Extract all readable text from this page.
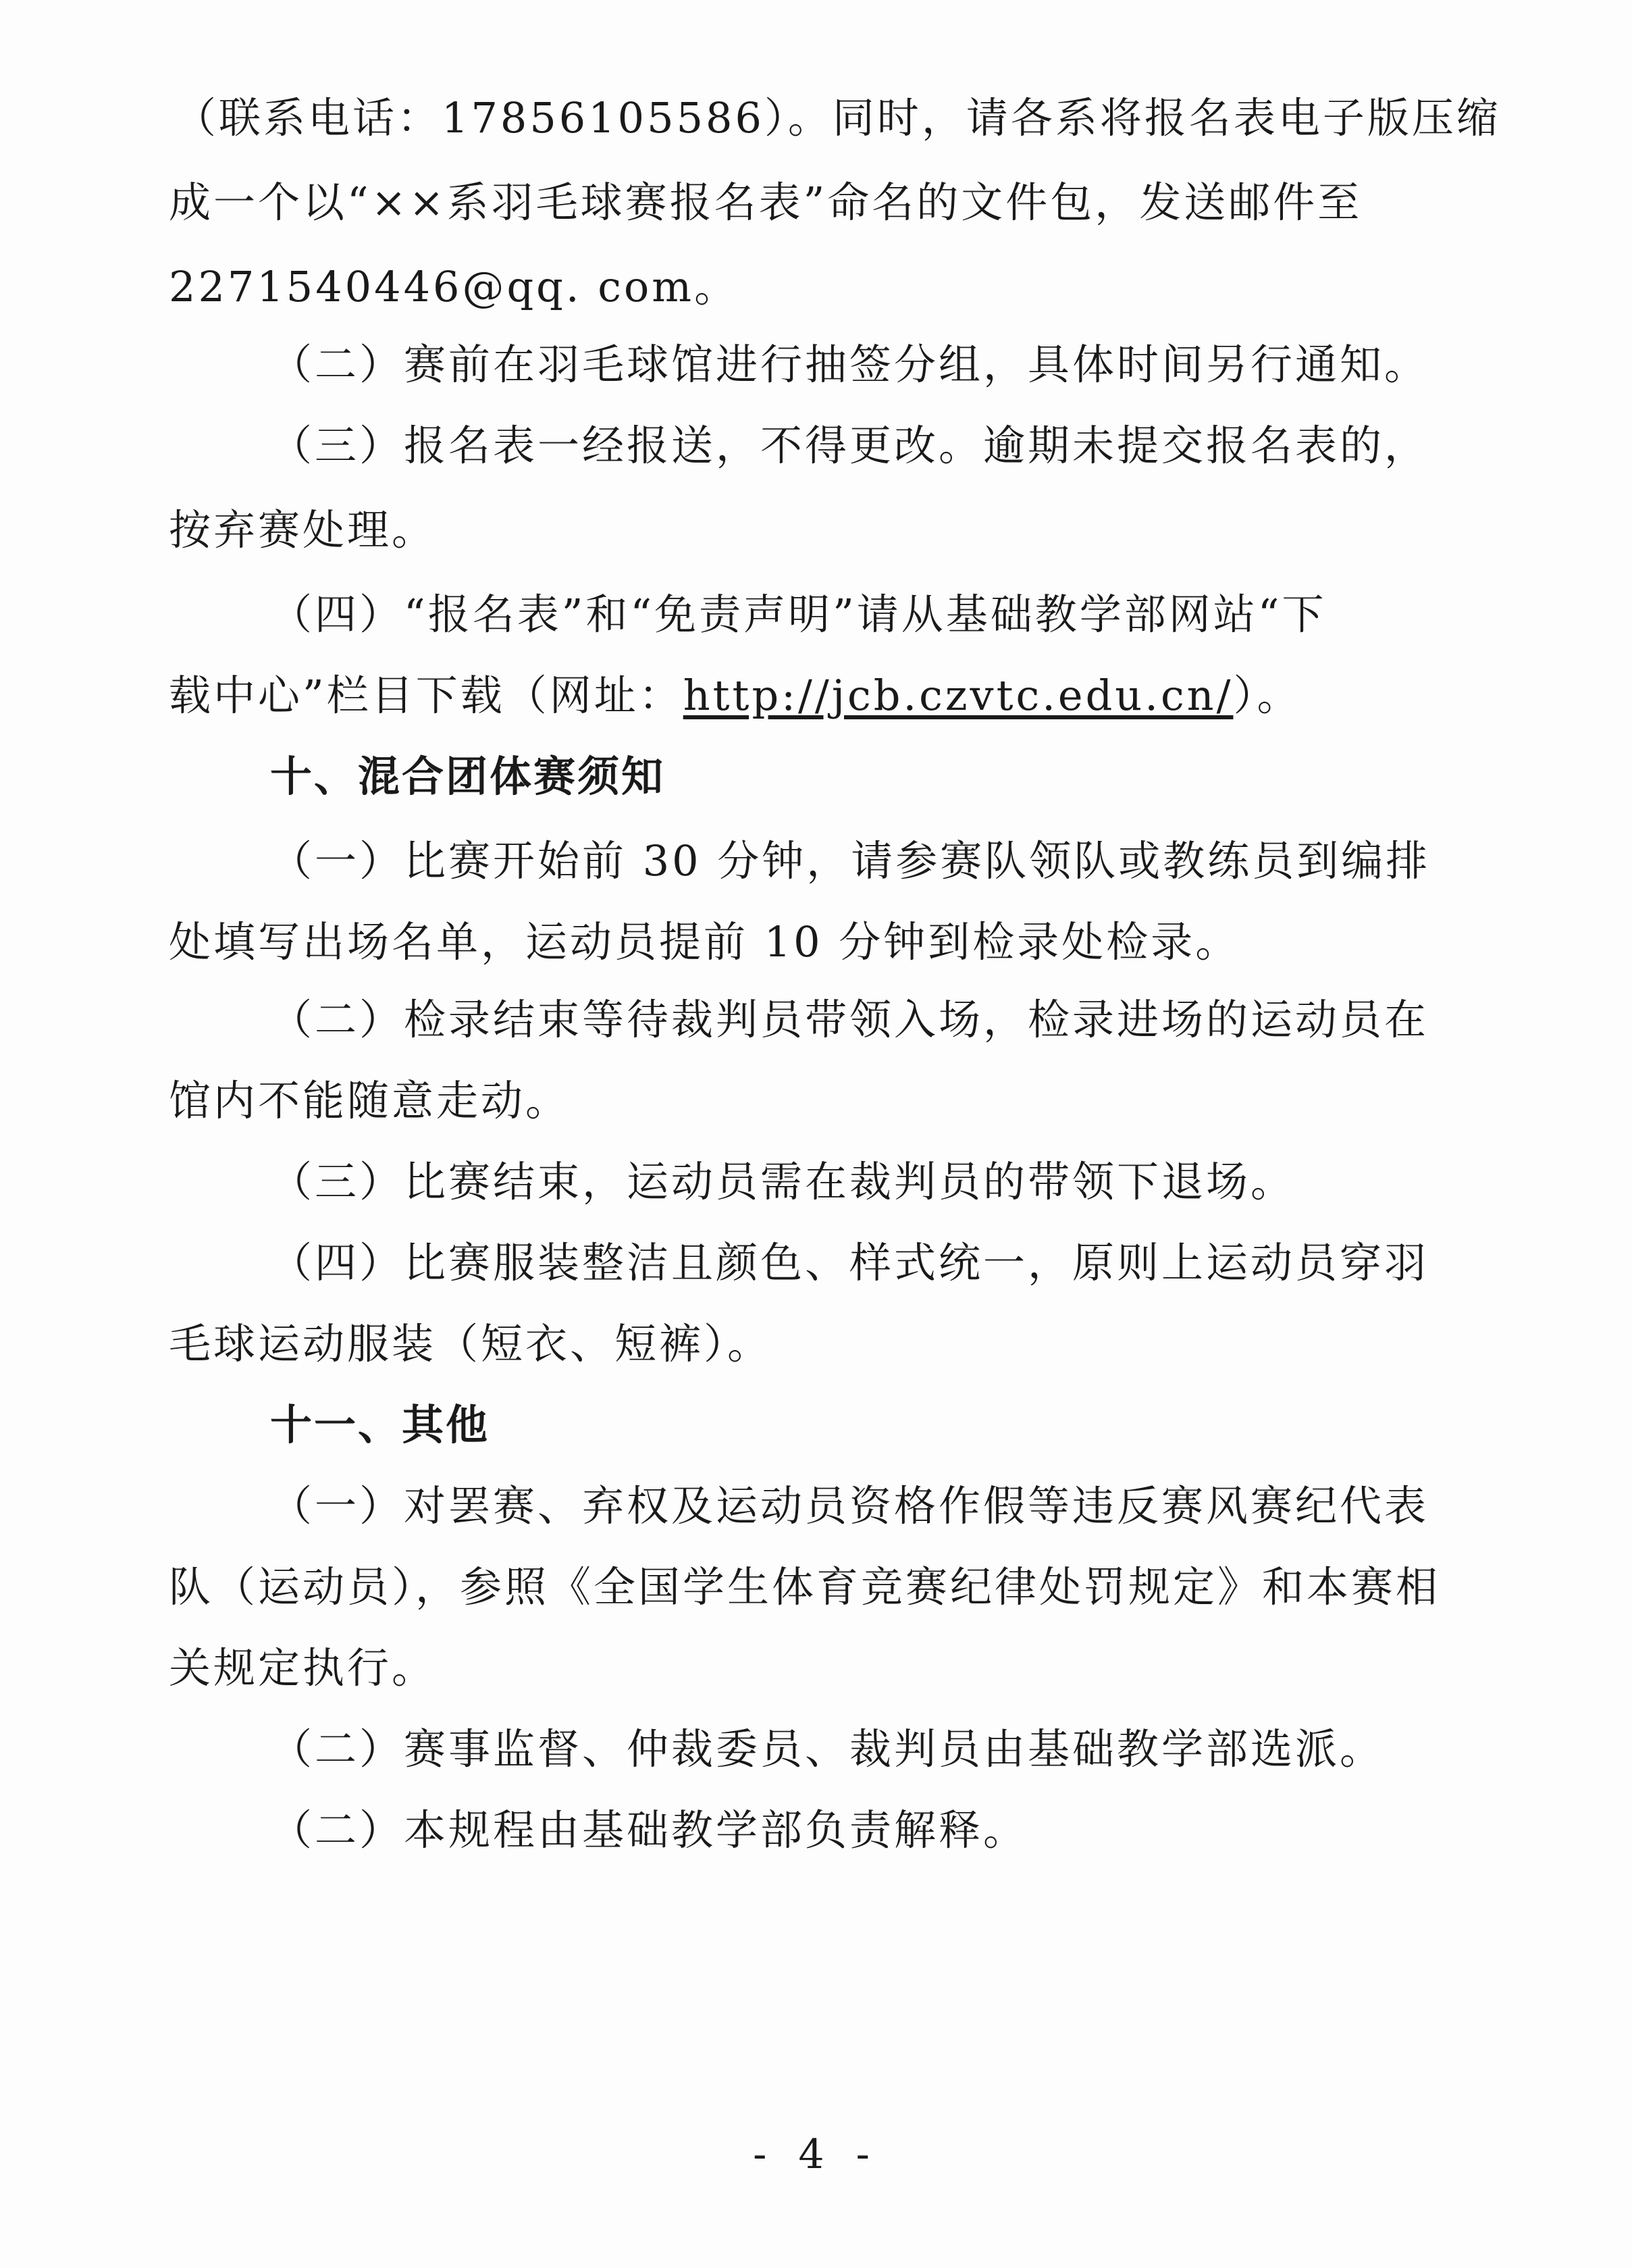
（联系电话：17856105586）。同时，请各系将报名表电子版压缩
成一个以“××系羽毛球赛报名表”命名的文件包，发送邮件至
2271540446@qq. com。
（二）赛前在羽毛球馆进行抽签分组，具体时间另行通知。
（三）报名表一经报送，不得更改。逾期未提交报名表的，
按弃赛处理。
（四）“报名表”和“免责声明”请从基础教学部网站“下
载中心”栏目下载（网址：http://jcb.czvtc.edu.cn/）。
十、混合团体赛须知
（一）比赛开始前 30 分钟，请参赛队领队或教练员到编排
处填写出场名单，运动员提前 10 分钟到检录处检录。
（二）检录结束等待裁判员带领入场，检录进场的运动员在
馆内不能随意走动。
（三）比赛结束，运动员需在裁判员的带领下退场。
（四）比赛服装整洁且颜色、样式统一，原则上运动员穿羽
毛球运动服装（短衣、短裤）。
十一、其他
（一）对罢赛、弃权及运动员资格作假等违反赛风赛纪代表
队（运动员），参照《全国学生体育竞赛纪律处罚规定》和本赛相
关规定执行。
（二）赛事监督、仲裁委员、裁判员由基础教学部选派。
（二）本规程由基础教学部负责解释。
- 4 -
